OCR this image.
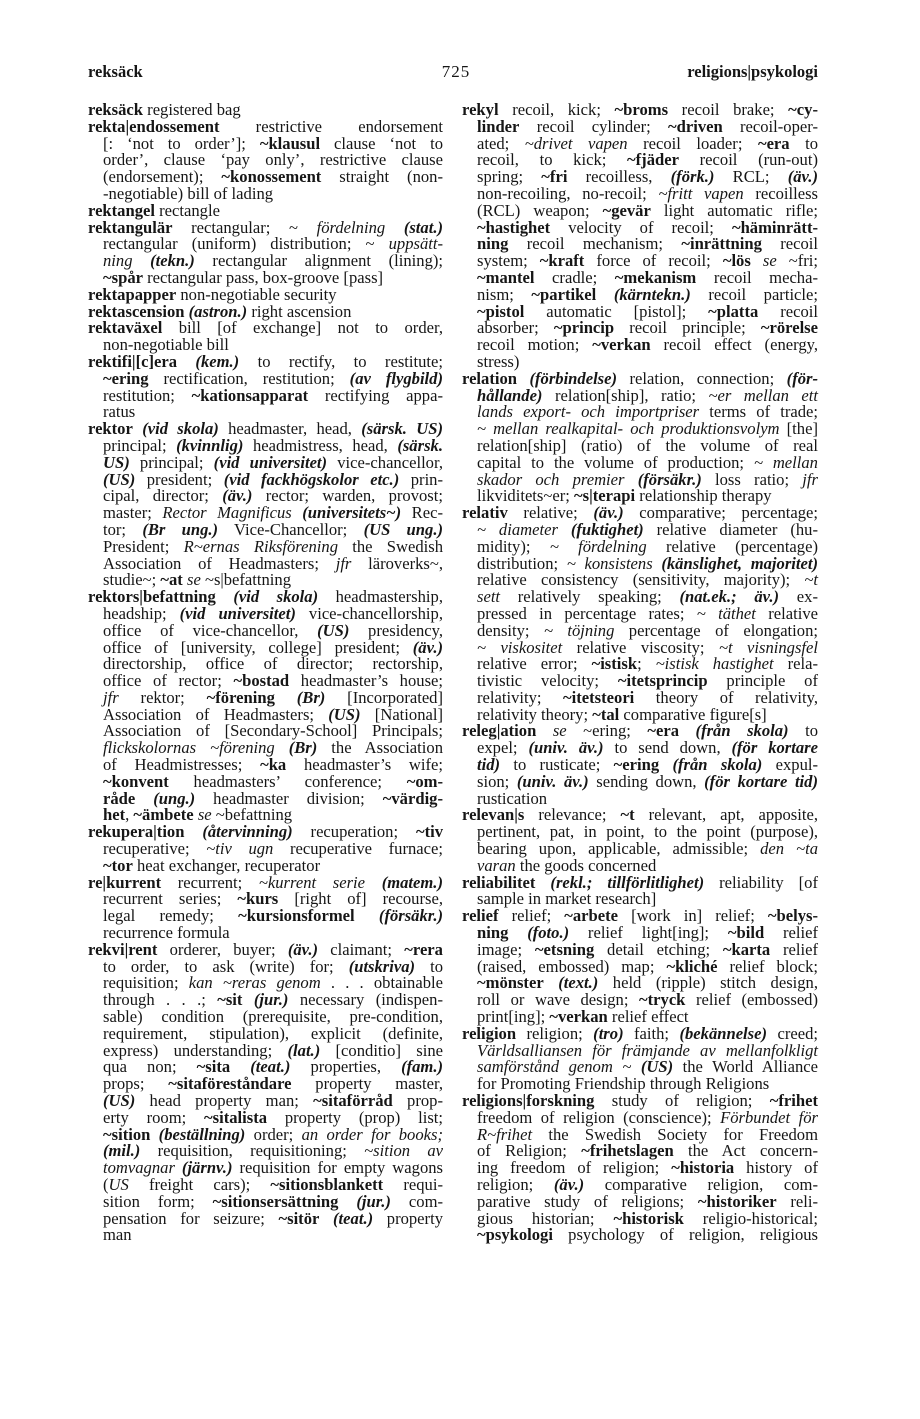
reksäck	725	religions|psykologi
reksäck registered bag
rekta|endossement restrictive endorsement
[: ‘not to order’]; ~klausul clause ‘not to
order’, clause ‘pay only’, restrictive clause
(endorsement); ~konossement straight (non-
-negotiable) bill of lading
rektangel rectangle
rektangulär rectangular; ~ fördelning (stat.)
rectangular (uniform) distribution; ~ uppsätt-
ning (tekn.) rectangular alignment (lining);
~spår rectangular pass, box-groove [pass]
rektapapper non-negotiable security
rektascension (astron.) right ascension
rektaväxel bill [of exchange] not to order,
non-negotiable bill
rektifi|[c]era (kem.) to rectify, to restitute;
~ering rectification, restitution; (av flygbild)
restitution; ~kationsapparat rectifying appa-
ratus
rektor (vid skola) headmaster, head, (särsk. US)
principal; (kvinnlig) headmistress, head, (särsk.
US) principal; (vid universitet) vice-chancellor,
(US) president; (vid fackhögskolor etc.) prin-
cipal, director; (äv.) rector; warden, provost;
master; Rector Magnificus (universitets~) Rec-
tor; (Br ung.) Vice-Chancellor; (US ung.)
President; R~ernas Riksförening the Swedish
Association of Headmasters; jfr läroverks~,
studie~; ~at se ~s|befattning
rektors|befattning (vid skola) headmastership,
headship; (vid universitet) vice-chancellorship,
office of vice-chancellor, (US) presidency,
office of [university, college] president; (äv.)
directorship, office of director; rectorship,
office of rector; ~bostad headmaster’s house;
jfr rektor; ~förening (Br) [Incorporated]
Association of Headmasters; (US) [National]
Association of [Secondary-School] Principals;
flickskolornas ~förening (Br) the Association
of Headmistresses; ~ka headmaster’s wife;
~konvent headmasters’ conference; ~om-
råde (ung.) headmaster division; ~värdig-
het, ~ämbete se ~befattning
rekupera|tion (återvinning) recuperation; ~tiv
recuperative; ~tiv ugn recuperative furnace;
~tor heat exchanger, recuperator
re|kurrent recurrent; ~kurrent serie (matem.)
recurrent series; ~kurs [right of] recourse,
legal remedy; ~kursionsformel (försäkr.)
recurrence formula
rekvi|rent orderer, buyer; (äv.) claimant; ~rera
to order, to ask (write) for; (utskriva) to
requisition; kan ~reras genom . . . obtainable
through . . .; ~sit (jur.) necessary (indispen-
sable) condition (prerequisite, pre-condition,
requirement, stipulation), explicit (definite,
express) understanding; (lat.) [conditio] sine
qua non; ~sita (teat.) properties, (fam.)
props; ~sitaföreståndare property master,
(US) head property man; ~sitaförråd prop-
erty room; ~sitalista property (prop) list;
~sition (beställning) order; an order for books;
(mil.) requisition, requisitioning; ~sition av
tomvagnar (järnv.) requisition for empty wagons
(US freight cars); ~sitionsblankett requi-
sition form; ~sitionsersättning (jur.) com-
pensation for seizure; ~sitör (teat.) property
man
rekyl recoil, kick; ~broms recoil brake; ~cy-
linder recoil cylinder; ~driven recoil-oper-
ated; ~drivet vapen recoil loader; ~era to
recoil, to kick; ~fjäder recoil (run-out)
spring; ~fri recoilless, (förk.) RCL; (äv.)
non-recoiling, no-recoil; ~fritt vapen recoilless
(RCL) weapon; ~gevär light automatic rifle;
~hastighet velocity of recoil; ~häminrätt-
ning recoil mechanism; ~inrättning recoil
system; ~kraft force of recoil; ~lös se ~fri;
~mantel cradle; ~mekanism recoil mecha-
nism; ~partikel (kärntekn.) recoil particle;
~pistol automatic [pistol]; ~platta recoil
absorber; ~princip recoil principle; ~rörelse
recoil motion; ~verkan recoil effect (energy,
stress)
relation (förbindelse) relation, connection; (för-
hållande) relation[ship], ratio; ~er mellan ett
lands export- och importpriser terms of trade;
~ mellan realkapital- och produktionsvolym [the]
relation[ship] (ratio) of the volume of real
capital to the volume of production; ~ mellan
skador och premier (försäkr.) loss ratio; jfr
likviditets~er; ~s|terapi relationship therapy
relativ relative; (äv.) comparative; percentage;
~ diameter (fuktighet) relative diameter (hu-
midity); ~ fördelning relative (percentage)
distribution; ~ konsistens (känslighet, majoritet)
relative consistency (sensitivity, majority); ~t
sett relatively speaking; (nat.ek.; äv.) ex-
pressed in percentage rates; ~ täthet relative
density; ~ töjning percentage of elongation;
~ viskositet relative viscosity; ~t visningsfel
relative error; ~istisk; ~istisk hastighet rela-
tivistic velocity; ~itetsprincip principle of
relativity; ~itetsteori theory of relativity,
relativity theory; ~tal comparative figure[s]
releg|ation se ~ering; ~era (från skola) to
expel; (univ. äv.) to send down, (för kortare
tid) to rusticate; ~ering (från skola) expul-
sion; (univ. äv.) sending down, (för kortare tid)
rustication
relevan|s relevance; ~t relevant, apt, apposite,
pertinent, pat, in point, to the point (purpose),
bearing upon, applicable, admissible; den ~ta
varan the goods concerned
reliabilitet (rekl.; tillförlitlighet) reliability [of
sample in market research]
relief relief; ~arbete [work in] relief; ~belys-
ning (foto.) relief light[ing]; ~bild relief
image; ~etsning detail etching; ~karta relief
(raised, embossed) map; ~kliché relief block;
~mönster (text.) held (ripple) stitch design,
roll or wave design; ~tryck relief (embossed)
print[ing]; ~verkan relief effect
religion religion; (tro) faith; (bekännelse) creed;
Världsalliansen för främjande av mellanfolkligt
samförstånd genom ~ (US) the World Alliance
for Promoting Friendship through Religions
religions|forskning study of religion; ~frihet
freedom of religion (conscience); Förbundet för
R~frihet the Swedish Society for Freedom
of Religion; ~frihetslagen the Act concern-
ing freedom of religion; ~historia history of
religion; (äv.) comparative religion, com-
parative study of religions; ~historiker reli-
gious historian; ~historisk religio-historical;
~psykologi psychology of religion, religious
